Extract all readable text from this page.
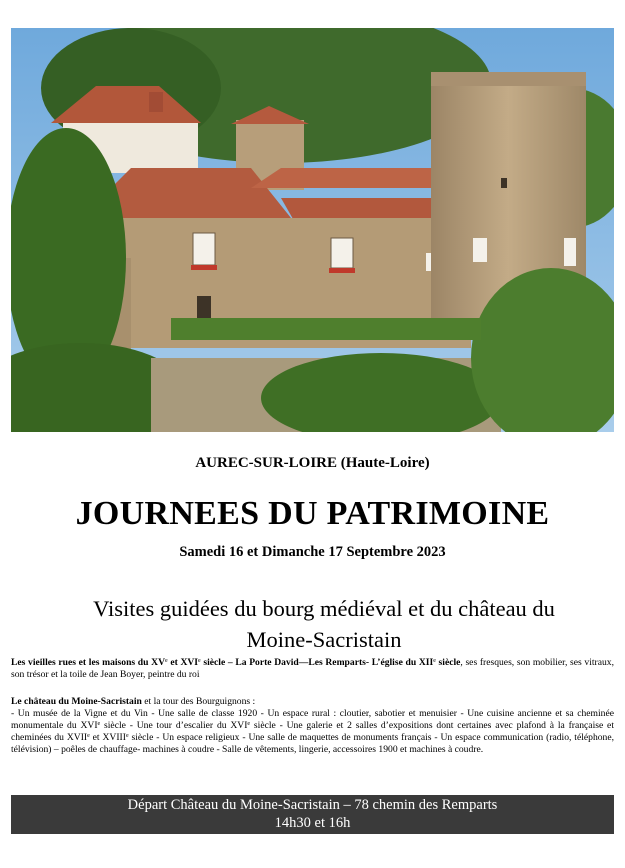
AUREC-SUR-LOIRE (Haute-Loire)
JOURNEES DU PATRIMOINE
Samedi 16 et Dimanche 17 Septembre 2023
Visites guidées du bourg médiéval et du château du
Moine-Sacristain
Les vieilles rues et les maisons du XVe et XVIe siècle – La Porte David—Les Remparts- L’église du XIIe siècle, ses fresques, son mobilier, ses vitraux, son trésor et la toile de Jean Boyer, peintre du roi
Le château du Moine-Sacristain et la tour des Bourguignons :
- Un musée de la Vigne et du Vin - Une salle de classe 1920 - Un espace rural : cloutier, sabotier et menuisier - Une cuisine ancienne et sa cheminée monumentale du XVIe siècle - Une tour d’escalier du XVIe siècle - Une galerie et 2 salles d’expositions dont certaines avec plafond à la française et cheminées du XVIIe et XVIIIe siècle - Un espace religieux - Une salle de maquettes de monuments français - Un espace communication (radio, téléphone, télévision) – poêles de chauffage- machines à coudre - Salle de vêtements, lingerie, accessoires 1900 et machines à coudre.
Départ Château du Moine-Sacristain – 78 chemin des Remparts
14h30 et 16h
